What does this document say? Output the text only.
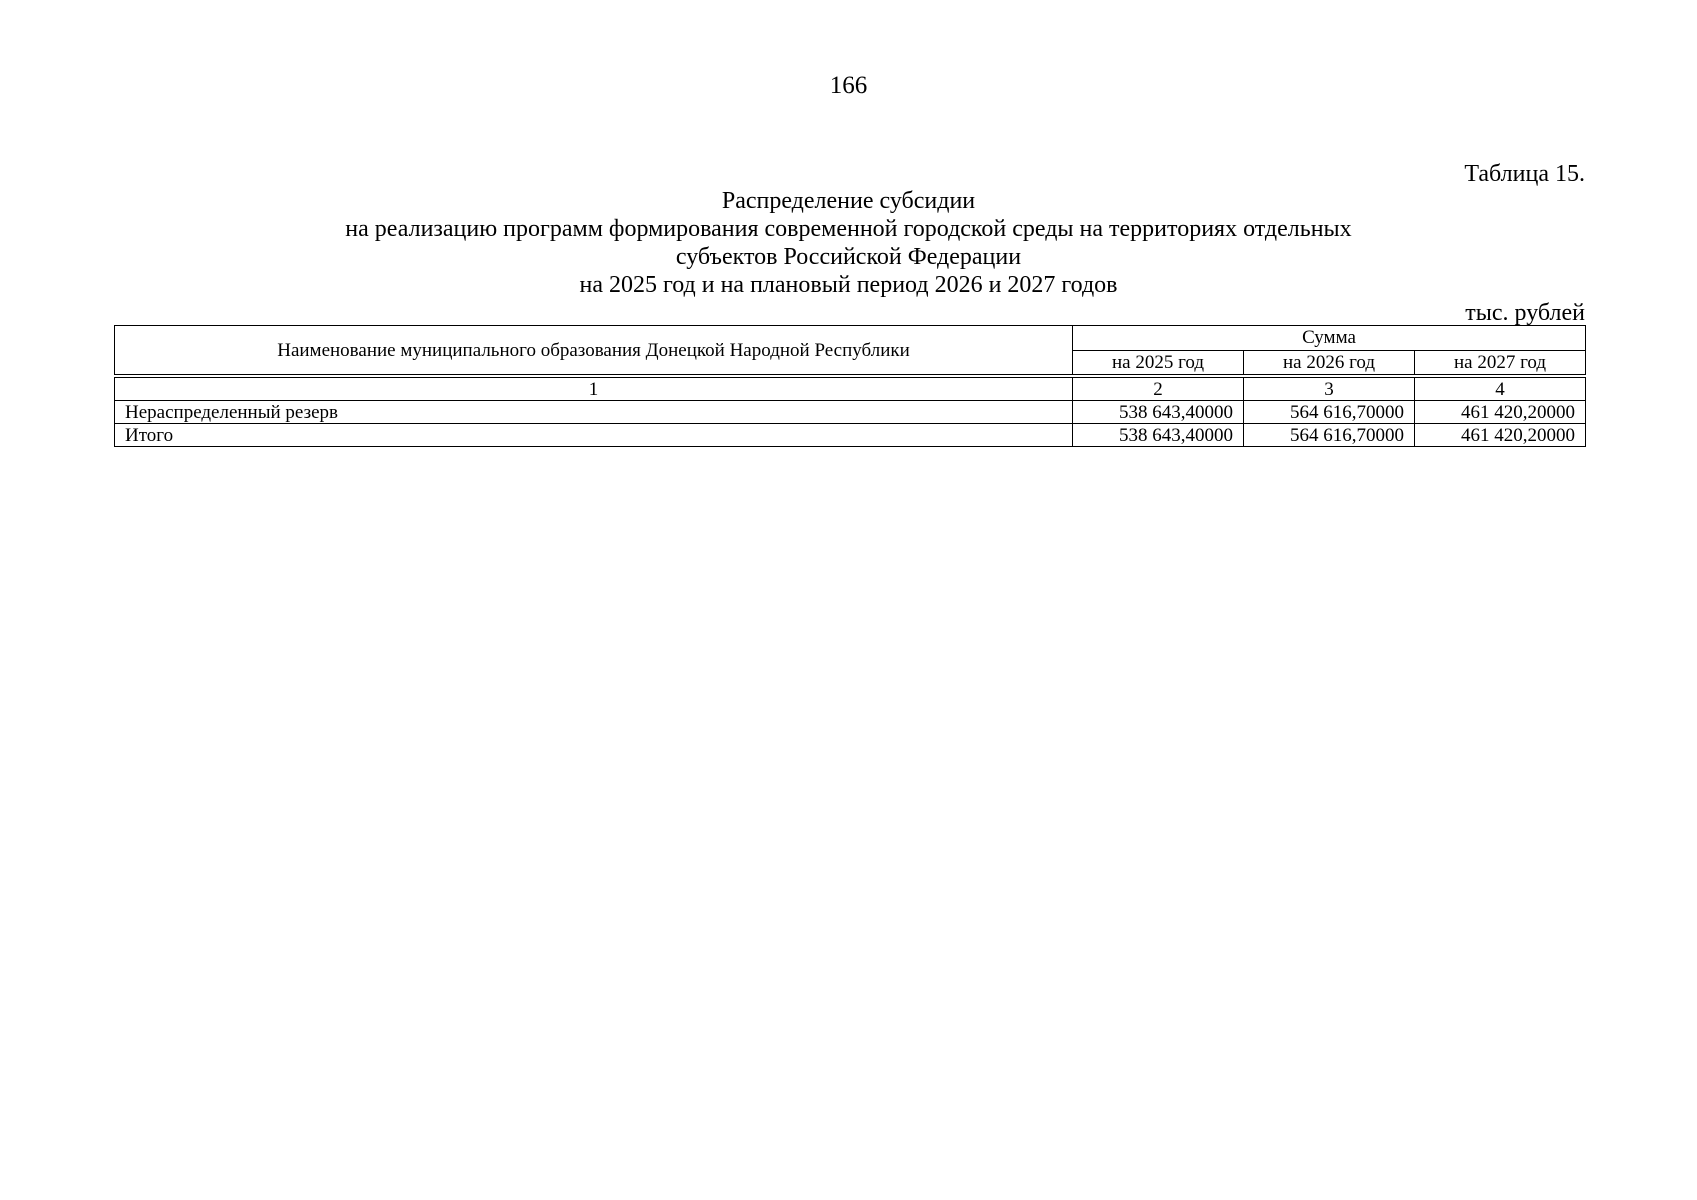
166
Таблица 15.
Распределение субсидии
на реализацию программ формирования современной городской среды на территориях отдельных
субъектов Российской Федерации
на 2025 год и на плановый период 2026 и 2027 годов
тыс. рублей
Наименование муниципального образования Донецкой Народной Республики	Сумма		
	на 2025 год	на 2026 год	на 2027 год

1	2	3	4
Нераспределенный резерв	538 643,40000	564 616,70000	461 420,20000
Итого	538 643,40000	564 616,70000	461 420,20000
